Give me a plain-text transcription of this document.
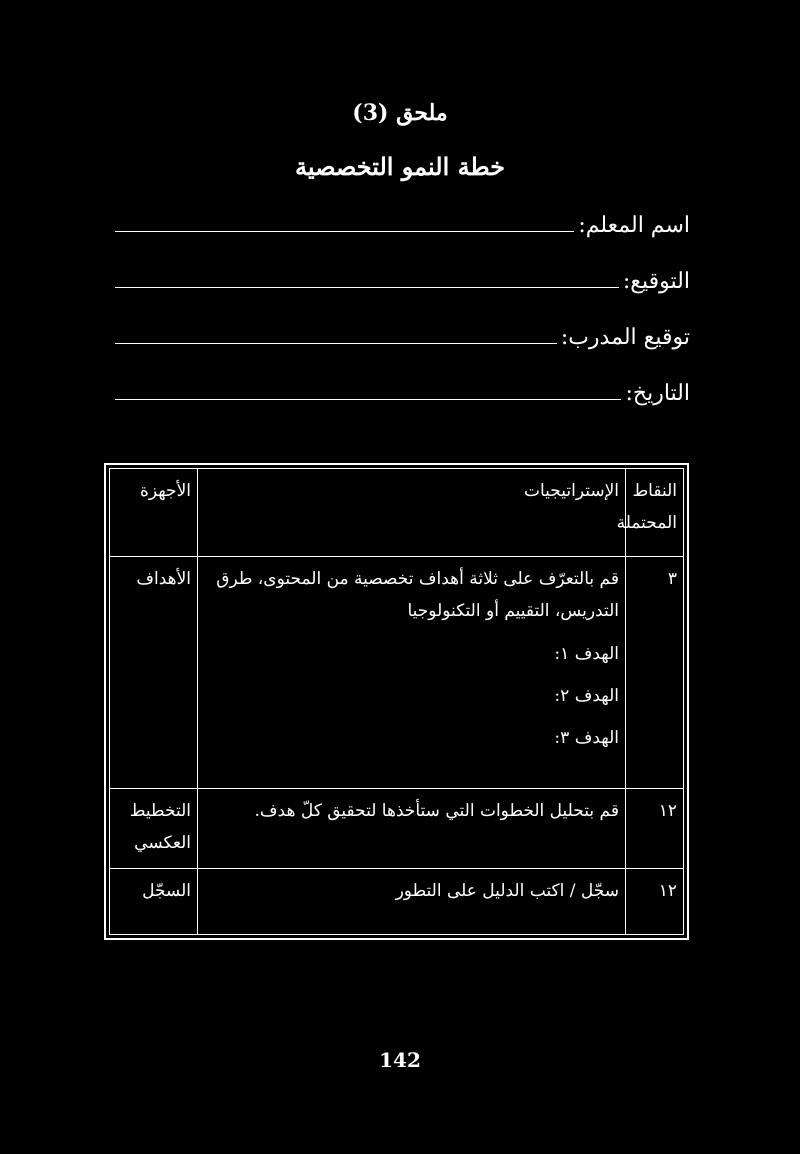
ملحق (3)
خطة النمو التخصصية
اسم المعلم:
التوقيع:
توقيع المدرب:
التاريخ:
النقاط المحتملة	الإستراتيجيات	الأجهزة
٣	قم بالتعرّف على ثلاثة أهداف تخصصية من المحتوى، طرق التدريس، التقييم أو التكنولوجيا
الهدف ١:
الهدف ٢:
الهدف ٣:	الأهداف
١٢	قم بتحليل الخطوات التي ستأخذها لتحقيق كلّ هدف.	التخطيط العكسي
١٢	سجّل / اكتب الدليل على التطور	السجّل
142
